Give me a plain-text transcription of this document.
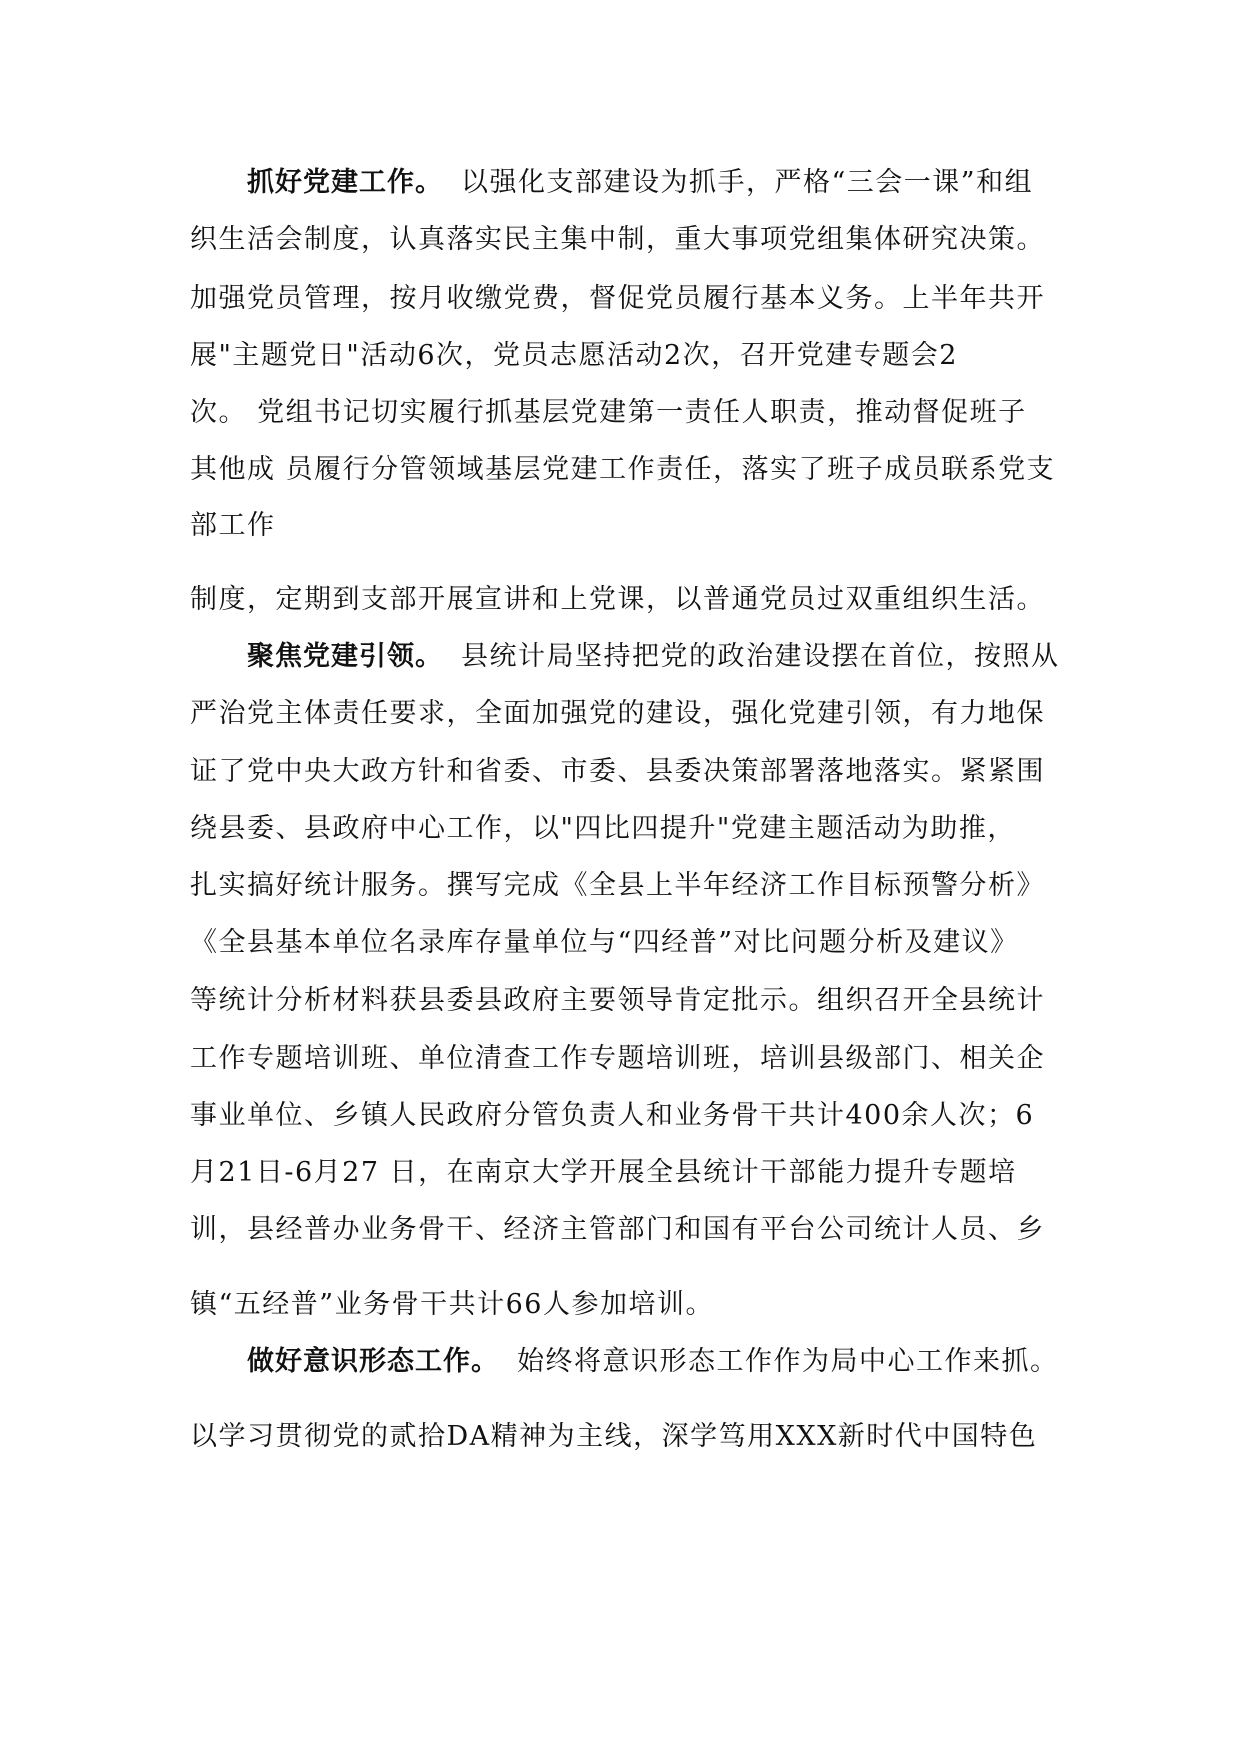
抓好党建工作。 以强化支部建设为抓手，严格“三会一课”和组
织生活会制度，认真落实民主集中制，重大事项党组集体研究决策。
加强党员管理，按月收缴党费，督促党员履行基本义务。上半年共开
展"主题党日"活动6次，党员志愿活动2次，召开党建专题会2
次。 党组书记切实履行抓基层党建第一责任人职责，推动督促班子
其他成 员履行分管领域基层党建工作责任，落实了班子成员联系党支
部工作
制度，定期到支部开展宣讲和上党课，以普通党员过双重组织生活。
聚焦党建引领。 县统计局坚持把党的政治建设摆在首位，按照从
严治党主体责任要求，全面加强党的建设，强化党建引领，有力地保
证了党中央大政方针和省委、市委、县委决策部署落地落实。紧紧围
绕县委、县政府中心工作，以"四比四提升"党建主题活动为助推，
扎实搞好统计服务。撰写完成《全县上半年经济工作目标预警分析》
《全县基本单位名录库存量单位与“四经普”对比问题分析及建议》
等统计分析材料获县委县政府主要领导肯定批示。组织召开全县统计
工作专题培训班、单位清查工作专题培训班，培训县级部门、相关企
事业单位、乡镇人民政府分管负责人和业务骨干共计400余人次；6
月21日-6月27 日，在南京大学开展全县统计干部能力提升专题培
训，县经普办业务骨干、经济主管部门和国有平台公司统计人员、乡
镇“五经普”业务骨干共计66人参加培训。
做好意识形态工作。 始终将意识形态工作作为局中心工作来抓。
以学习贯彻党的贰拾DA精神为主线，深学笃用XXX新时代中国特色
